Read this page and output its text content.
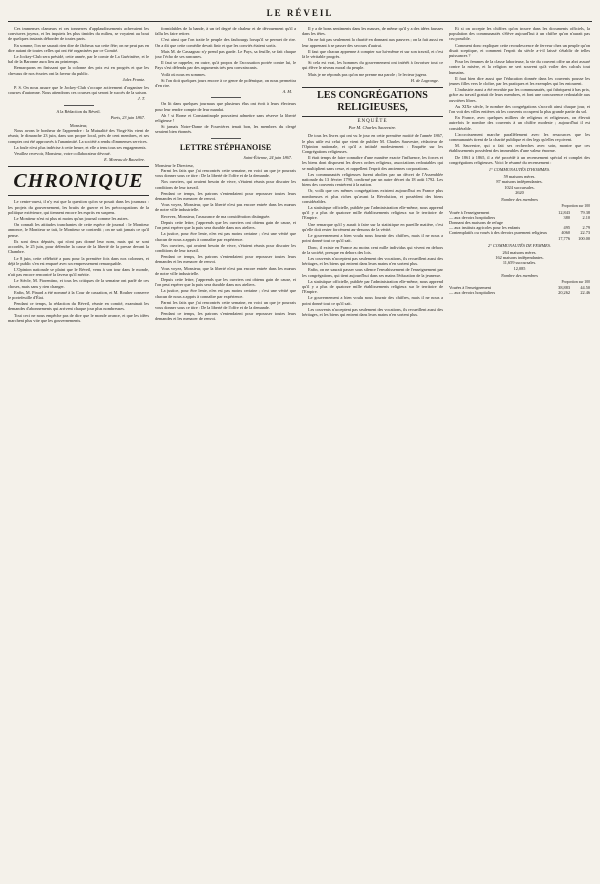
LE RÉVEIL

Ces immenses clameurs et ces tonnerres d'applaudissements achevaient les conviuves joyeux, et les inquiets les plus timides du milieu, se voyaient au bout de quelques instants déborder de toutes parts.

En somme, l'on ne saurait rien dire de fâcheux sur cette fête; on ne peut pas en dire autant de toutes celles qui ont été organisées par ce Comité.

Le Jockey-Club sera présidé, cette année, par le comte de La Guérinière, et le bal de la Baronne aura lieu au printemps.

Remarquons en finissant que la colonne des prix est en progrès et que les chevaux de nos écuries ont la faveur du public.

Jules Frantz.

P. S. On nous assure que le Jockey-Club s'occupe activement d'organiser les courses d'automne. Nous attendrons ces courses qui seront le succès de la saison.

J. T.
A la Rédaction du Réveil.
Paris, 23 juin 1867.
Monsieur,

Nous avons le bonheur de l'apprendre : la Mutualité des Vingt-Six vient de réunir, le dimanche 23 juin, dans son propre local, près de cent membres, et ses comptes ont été approuvés à l'unanimité. La société a rendu d'immenses services.

La foule n'est plus indécise à cette heure, et elle a tenu tous ses engagements.

Veuillez recevoir, Monsieur, votre collaborateur dévoué.

E. Moreau de Bauvière.
CHRONIQUE

Le centre-ouest, il n'y eut que la question qu'on se posait dans les journaux : les projets du gouvernement, les bruits de guerre et les préoccupations de la politique extérieure, qui tiennent encore les esprits en suspens.

Le Moniteur n'est ni plus ni moins qu'un journal comme les autres.

On connaît les attitudes tranchantes de cette espèce de journal : le Moniteur annonce, le Moniteur se tait, le Moniteur se contredit ; on ne sait jamais ce qu'il pense.

Ils sont deux députés, qui n'ont pas donné leur nom, mais qui se sont accordés, le 25 juin, pour défendre la cause de la liberté de la presse devant la Chambre.

Le 8 juin, cette célébrité a paru pour la première fois dans nos colonnes, et déjà le public s'en est emparé avec un empressement remarquable.

L'Opinion nationale se plaint que le Réveil, venu à son tour dans le monde, n'ait pas encore rencontré la faveur qu'il mérite.

Le Siècle, M. Fiorentino, et tous les critiques de la semaine ont parlé de ces choses, mais sans y rien changer.

Enfin, M. Pinard a été nommé à la Cour de cassation, et M. Rouher conserve le portefeuille d'État.

Pendant ce temps, la rédaction du Réveil, réunie en comité, examinait les demandes d'abonnements qui arrivent chaque jour plus nombreuses.

Tout ceci ne nous empêche pas de dire que le monde avance, et que les idées marchent plus vite que les gouvernements.

formidables de la bande, à un tel degré de chaleur et de dévouement qu'il a fallu les faire retirer.

C'est ainsi que l'on traite le peuple des faubourgs lorsqu'il se permet de rire. On a dit que cette comédie devait finir et que les conviés étaient sortis.

Mais M. de Cassagnac n'y prend pas garde. Le Pays, sa feuille, se fait chaque jour l'écho de ses rancunes.

Il faut se rappeler, en outre, qu'à propos de l'accusation portée contre lui, le Pays s'est défendu par des arguments très peu convaincants.

Voilà où nous en sommes.

Si l'on doit quelques jours encore à ce genre de polémique, on nous permettra d'en rire.

A. M.

On lit dans quelques journaux que plusieurs élus ont écrit à leurs électeurs pour leur rendre compte de leur mandat.

Ah ! si Rome et Constantinople pouvaient admettre sans réserve la liberté religieuse !

Si jamais Notre-Dame de Fourvières tenait bon, les membres du clergé seraient bien étonnés.

LETTRE STÉPHANOISE
Saint-Étienne, 24 juin 1867.
Monsieur le Directeur,

Parmi les faits que j'ai rencontrés cette semaine, en voici un que je pourrais vous donner sous ce titre : De la liberté de l'offre et de la demande.

Nos ouvriers, qui avaient besoin de vivre, s'étaient réunis pour discuter les conditions de leur travail.

Pendant ce temps, les patrons s'entendaient pour repousser toutes leurs demandes et les menacer de renvoi.

Vous voyez, Monsieur, que la liberté n'est pas encore entrée dans les mœurs de notre ville industrielle.

Recevez, Monsieur, l'assurance de ma considération distinguée.

Depuis cette lettre, j'apprends que les ouvriers ont obtenu gain de cause, et l'on peut espérer que la paix sera durable dans nos ateliers.

La justice, pour être lente, n'en est pas moins certaine ; c'est une vérité que chacun de nous a appris à connaître par expérience.

Nos ouvriers, qui avaient besoin de vivre, s'étaient réunis pour discuter les conditions de leur travail.

Pendant ce temps, les patrons s'entendaient pour repousser toutes leurs demandes et les menacer de renvoi.

Vous voyez, Monsieur, que la liberté n'est pas encore entrée dans les mœurs de notre ville industrielle.

Depuis cette lettre, j'apprends que les ouvriers ont obtenu gain de cause, et l'on peut espérer que la paix sera durable dans nos ateliers.

La justice, pour être lente, n'en est pas moins certaine ; c'est une vérité que chacun de nous a appris à connaître par expérience.

Parmi les faits que j'ai rencontrés cette semaine, en voici un que je pourrais vous donner sous ce titre : De la liberté de l'offre et de la demande.

Pendant ce temps, les patrons s'entendaient pour repousser toutes leurs demandes et les menacer de renvoi.

Il y a de bons sentiments dans les masses, de même qu'il y a des idées fausses dans les têtes.

On ne fait pas seulement la charité en donnant aux pauvres ; on la fait aussi en leur apprenant à se passer des secours d'autrui.

Il faut que chacun apprenne à compter sur lui-même et sur son travail, et c'est là le véritable progrès.

Si cela est vrai, les hommes du gouvernement ont intérêt à favoriser tout ce qui élève le niveau moral du peuple.

Mais je ne réponds pas qu'on me prenne ma parole ; le lecteur jugera.

H. de Lagrange.
LES CONGRÉGATIONS RELIGIEUSES,
ENQUÊTE
Par M. Charles Sauvestre.

De tous les livres qui ont vu le jour en cette première moitié de l'année 1867, le plus utile est celui que vient de publier M. Charles Sauvestre, rédacteur de l'Opinion nationale, et qu'il a intitulé modestement : Enquête sur les Congrégations religieuses.

Il était temps de faire connaître d'une manière exacte l'influence, les forces et les biens dont disposent les divers ordres religieux, associations redoutables qui se multiplient sans cesse, et rappellent l'esprit des anciennes corporations.

Les communautés religieuses furent abolies par un décret de l'Assemblée nationale du 13 février 1790, confirmé par un autre décret du 18 août 1792. Les biens des couvents rentrèrent à la nation.

Or, voilà que ces mêmes congrégations existent aujourd'hui en France plus nombreuses et plus riches qu'avant la Révolution, et possèdent des biens considérables.

La statistique officielle, publiée par l'administration elle-même, nous apprend qu'il y a plus de quatorze mille établissements religieux sur le territoire de l'Empire.

Une remarque qu'il y aurait à faire sur la statistique en pareille matière, c'est qu'elle doit rester forcément au-dessous de la vérité.

Le gouvernement a bien voulu nous fournir des chiffres, mais il ne nous a point donné tout ce qu'il sait.

Donc, il existe en France au moins cent mille individus qui vivent en dehors de la société, presque en dehors des lois.

Les couvents n'acceptent pas seulement des vocations, ils recueillent aussi des héritages, et les biens qui entrent dans leurs mains n'en sortent plus.

Enfin, on ne saurait passer sous silence l'envahissement de l'enseignement par les congrégations, qui tient aujourd'hui dans ses mains l'éducation de la jeunesse.

La statistique officielle, publiée par l'administration elle-même, nous apprend qu'il y a plus de quatorze mille établissements religieux sur le territoire de l'Empire.

Le gouvernement a bien voulu nous fournir des chiffres, mais il ne nous a point donné tout ce qu'il sait.

Les couvents n'acceptent pas seulement des vocations, ils recueillent aussi des héritages, et les biens qui entrent dans leurs mains n'en sortent plus.

Et si on accepte les chiffres qu'on trouve dans les documents officiels, la population des communautés s'élève aujourd'hui à un chiffre qu'on n'aurait pas cru possible.

Comment donc expliquer cette recrudescence de ferveur chez un peuple qu'on disait sceptique, et comment l'esprit du siècle a-t-il laissé s'établir de telles puissances ?

Pour les femmes de la classe laborieuse, la vie du couvent offre un abri assuré contre la misère, et la religion ne sert souvent qu'à voiler des calculs tout humains.

Il faut bien dire aussi que l'éducation donnée dans les couvents pousse les jeunes filles vers le cloître, par les pratiques et les exemples qui les entourent.

L'industrie aussi a été envahie par les communautés, qui fabriquent à bas prix, grâce au travail gratuit de leurs membres, et font une concurrence redoutable aux ouvrières libres.

Au XIXe siècle, le nombre des congrégations s'accroît ainsi chaque jour, et l'on voit des villes entières où les couvents occupent la plus grande partie du sol.

En France, avec quelques milliers de religieux et religieuses, on élevait autrefois le nombre des couvents à un chiffre modeste ; aujourd'hui il est considérable.

L'accroissement marche parallèlement avec les ressources que les communautés tirent de la charité publique et des legs qu'elles reçoivent.

M. Sauvestre, qui a fait ses recherches avec soin, montre que ces établissements possèdent des immeubles d'une valeur énorme.

De 1861 à 1865, il a été procédé à un recensement spécial et complet des congrégations religieuses. Voici le résumé du recensement :

1° COMMUNAUTÉS D'HOMMES.
59 maisons mères.
87 maisons indépendantes.
1024 succursales.
2620
Nombre des membres
Proportion sur 100
Vouée à l'enseignement	12,843	79.38
— aux devoirs hospitaliers	380	2.10
Donnant des maisons de refuge		
— aux instituts agricoles pour les enfants	495	2.79
Contemplatifs ou voués à des devoirs purement religieux	4060	22.73
	17,776	100.00
2° COMMUNAUTÉS DE FEMMES.
264 maisons mères.
162 maisons indépendantes.
11,659 succursales.
12,085
Nombre des membres
Proportion sur 100
Vouées à l'enseignement	38,883	44.50
— aux devoirs hospitaliers	20,262	22.46
